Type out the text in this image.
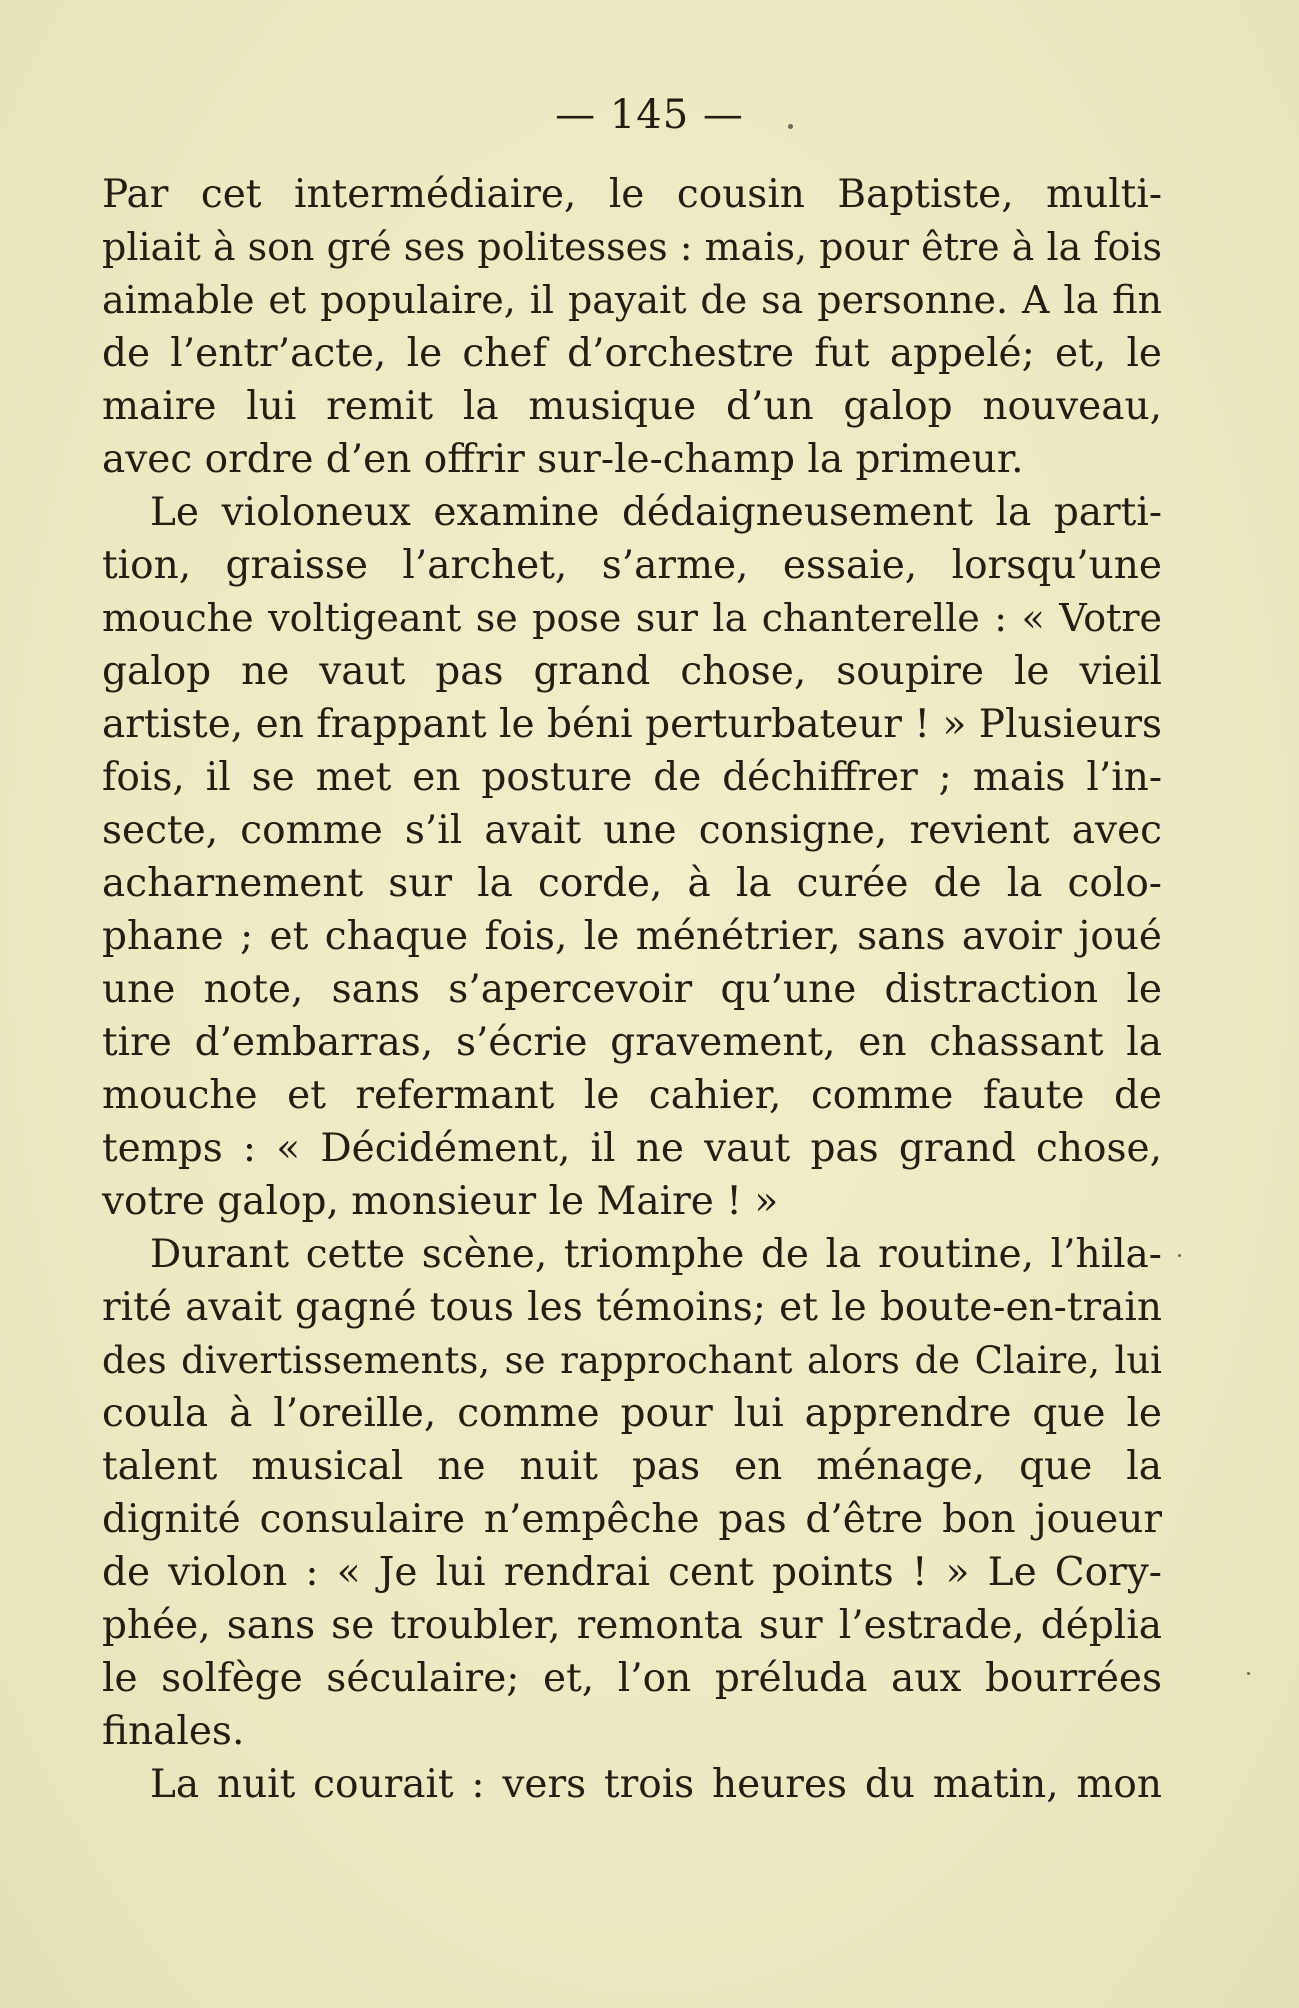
— 145 —
Par cet intermédiaire, le cousin Baptiste, multi-
pliait à son gré ses politesses : mais, pour être à la fois
aimable et populaire, il payait de sa personne. A la fin
de l’entr’acte, le chef d’orchestre fut appelé; et, le
maire lui remit la musique d’un galop nouveau,
avec ordre d’en offrir sur-le-champ la primeur.
Le violoneux examine dédaigneusement la parti-
tion, graisse l’archet, s’arme, essaie, lorsqu’une
mouche voltigeant se pose sur la chanterelle : « Votre
galop ne vaut pas grand chose, soupire le vieil
artiste, en frappant le béni perturbateur ! » Plusieurs
fois, il se met en posture de déchiffrer ; mais l’in-
secte, comme s’il avait une consigne, revient avec
acharnement sur la corde, à la curée de la colo-
phane ; et chaque fois, le ménétrier, sans avoir joué
une note, sans s’apercevoir qu’une distraction le
tire d’embarras, s’écrie gravement, en chassant la
mouche et refermant le cahier, comme faute de
temps : « Décidément, il ne vaut pas grand chose,
votre galop, monsieur le Maire ! »
Durant cette scène, triomphe de la routine, l’hila-
rité avait gagné tous les témoins; et le boute-en-train
des divertissements, se rapprochant alors de Claire, lui
coula à l’oreille, comme pour lui apprendre que le
talent musical ne nuit pas en ménage, que la
dignité consulaire n’empêche pas d’être bon joueur
de violon : « Je lui rendrai cent points ! » Le Cory-
phée, sans se troubler, remonta sur l’estrade, déplia
le solfège séculaire; et, l’on préluda aux bourrées
finales.
La nuit courait : vers trois heures du matin, mon
